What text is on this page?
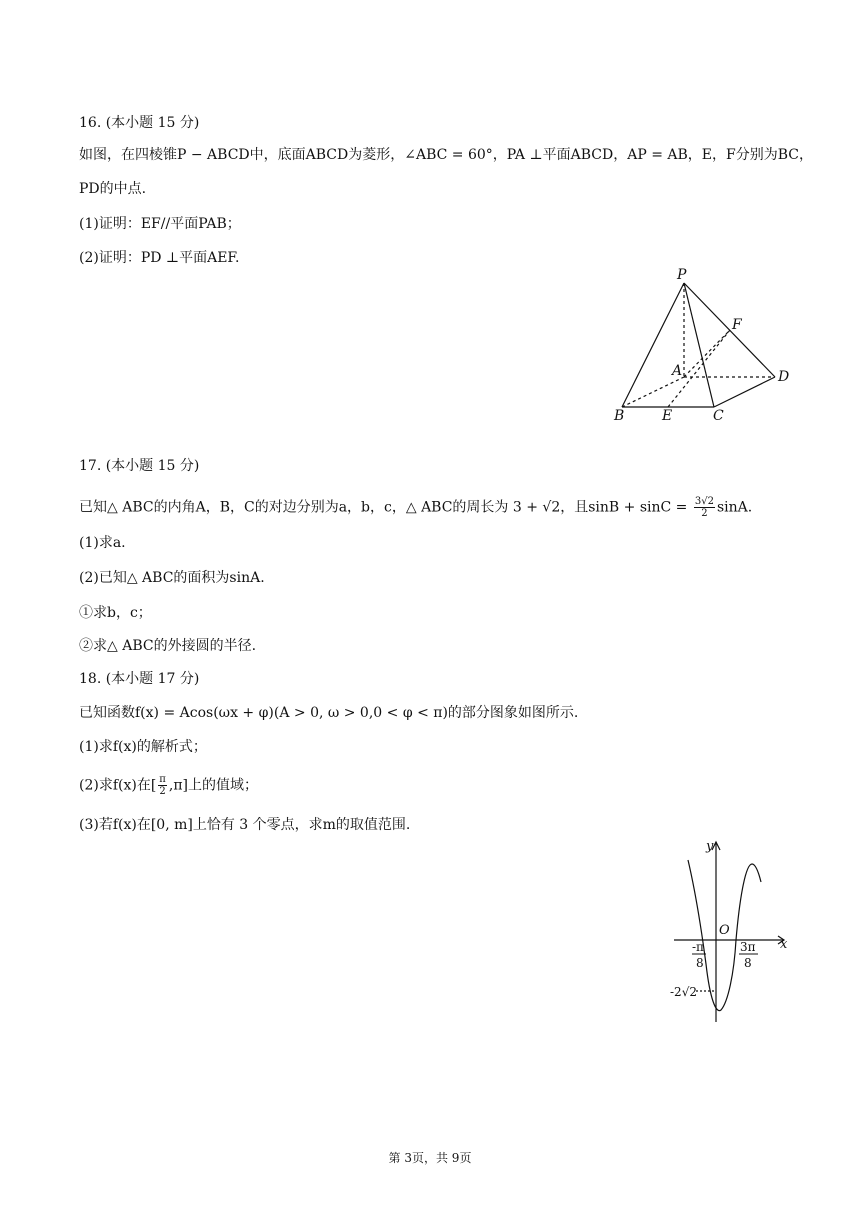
16. (本小题 15 分)
如图，在四棱锥P − ABCD中，底面ABCD为菱形，∠ABC = 60°，PA ⊥平面ABCD，AP = AB，E，F分别为BC，
PD的中点.
(1)证明：EF//平面PAB；
(2)证明：PD ⊥平面AEF.
P
F
A	D
B	E	C
17. (本小题 15 分)
已知△ ABC的内角A，B，C的对边分别为a，b，c，△ ABC的周长为 3 + √2，且$\sin B + \sin C = \frac{3√2}{2} \sin A$.
(1)求a.
(2)已知△ ABC的面积为sinA.
①求b，c；
②求△ ABC的外接圆的半径.
18. (本小题 17 分)
已知函数f(x) = Acos(ωx + φ)(A > 0, ω > 0,0 < φ < π)的部分图象如图所示.
(1)求f(x)的解析式；
(2)求f(x)在[ $\frac{\pi}{2} ,\pi$]上的值域；
(3)若f(x)在[0, m]上恰有 3 个零点，求m的取值范围.
y
O
x
-π
8
3π
8
-2√2
第 3页，共 9页
